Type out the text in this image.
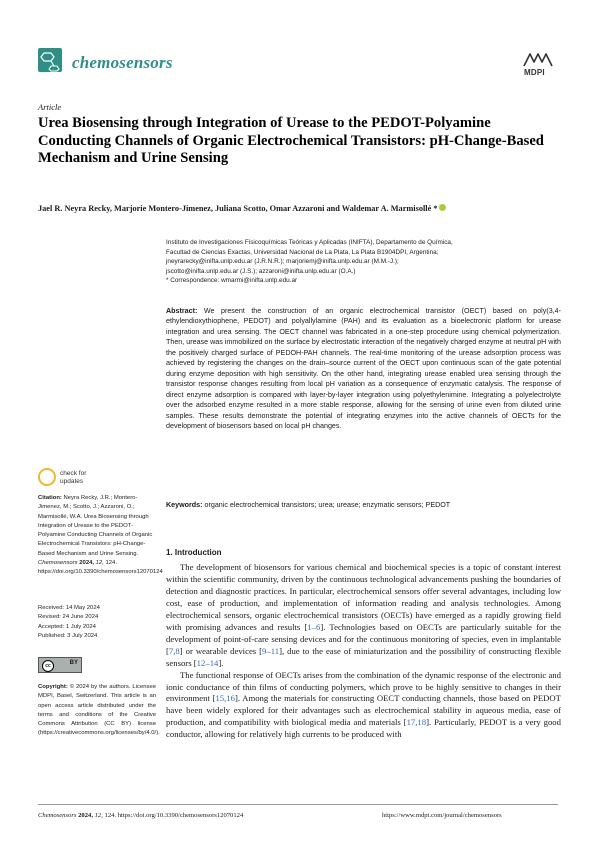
chemosensors
MDPI
Article
Urea Biosensing through Integration of Urease to the PEDOT-Polyamine Conducting Channels of Organic Electrochemical Transistors: pH-Change-Based Mechanism and Urine Sensing
Jael R. Neyra Recky, Marjorie Montero-Jimenez, Juliana Scotto, Omar Azzaroni and Waldemar A. Marmisollé *
Instituto de Investigaciones Fisicoquímicas Teóricas y Aplicadas (INIFTA), Departamento de Química,
Facultad de Ciencias Exactas, Universidad Nacional de La Plata, La Plata B1904DPI, Argentina;
jneyrarecky@inifta.unlp.edu.ar (J.R.N.R.); marjoriemj@inifta.unlp.edu.ar (M.M.-J.);
jscotto@inifta.unlp.edu.ar (J.S.); azzaroni@inifta.unlp.edu.ar (O.A.)
* Correspondence: wmarmi@inifta.unlp.edu.ar
Abstract: We present the construction of an organic electrochemical transistor (OECT) based on poly(3,4-ethylendioxythiophene, PEDOT) and polyallylamine (PAH) and its evaluation as a bioelectronic platform for urease integration and urea sensing. The OECT channel was fabricated in a one-step procedure using chemical polymerization. Then, urease was immobilized on the surface by electrostatic interaction of the negatively charged enzyme at neutral pH with the positively charged surface of PEDOH-PAH channels. The real-time monitoring of the urease adsorption process was achieved by registering the changes on the drain–source current of the OECT upon continuous scan of the gate potential during enzyme deposition with high sensitivity. On the other hand, integrating urease enabled urea sensing through the transistor response changes resulting from local pH variation as a consequence of enzymatic catalysis. The response of direct enzyme adsorption is compared with layer-by-layer integration using polyethylenimine. Integrating a polyelectrolyte over the adsorbed enzyme resulted in a more stable response, allowing for the sensing of urine even from diluted urine samples. These results demonstrate the potential of integrating enzymes into the active channels of OECTs for the development of biosensors based on local pH changes.
Keywords: organic electrochemical transistors; urea; urease; enzymatic sensors; PEDOT
check for
updates
Citation: Neyra Recky, J.R.; Montero-Jimenez, M.; Scotto, J.; Azzaroni, O.; Marmisollé, W.A. Urea Biosensing through Integration of Urease to the PEDOT-Polyamine Conducting Channels of Organic Electrochemical Transistors: pH-Change-Based Mechanism and Urine Sensing. Chemosensors 2024, 12, 124. https://doi.org/10.3390/chemosensors12070124
Received: 14 May 2024
Revised: 24 June 2024
Accepted: 1 July 2024
Published: 3 July 2024
cc	BY
Copyright: © 2024 by the authors. Licensee MDPI, Basel, Switzerland. This article is an open access article distributed under the terms and conditions of the Creative Commons Attribution (CC BY) license (https://creativecommons.org/licenses/by/4.0/).
1. Introduction

The development of biosensors for various chemical and biochemical species is a topic of constant interest within the scientific community, driven by the continuous technological advancements pushing the boundaries of detection and diagnostic practices. In particular, electrochemical sensors offer several advantages, including low cost, ease of production, and implementation of information reading and analysis technologies. Among electrochemical sensors, organic electrochemical transistors (OECTs) have emerged as a rapidly growing field with promising advances and results [1–6]. Technologies based on OECTs are particularly suitable for the development of point-of-care sensing devices and for the continuous monitoring of species, even in implantable [7,8] or wearable devices [9–11], due to the ease of miniaturization and the possibility of constructing flexible sensors [12–14].

The functional response of OECTs arises from the combination of the dynamic response of the electronic and ionic conductance of thin films of conducting polymers, which prove to be highly sensitive to changes in their environment [15,16]. Among the materials for constructing OECT conducting channels, those based on PEDOT have been widely explored for their advantages such as electrochemical stability in aqueous media, ease of production, and compatibility with biological media and materials [17,18]. Particularly, PEDOT is a very good conductor, allowing for relatively high currents to be produced with

Chemosensors 2024, 12, 124. https://doi.org/10.3390/chemosensors12070124	https://www.mdpi.com/journal/chemosensors
